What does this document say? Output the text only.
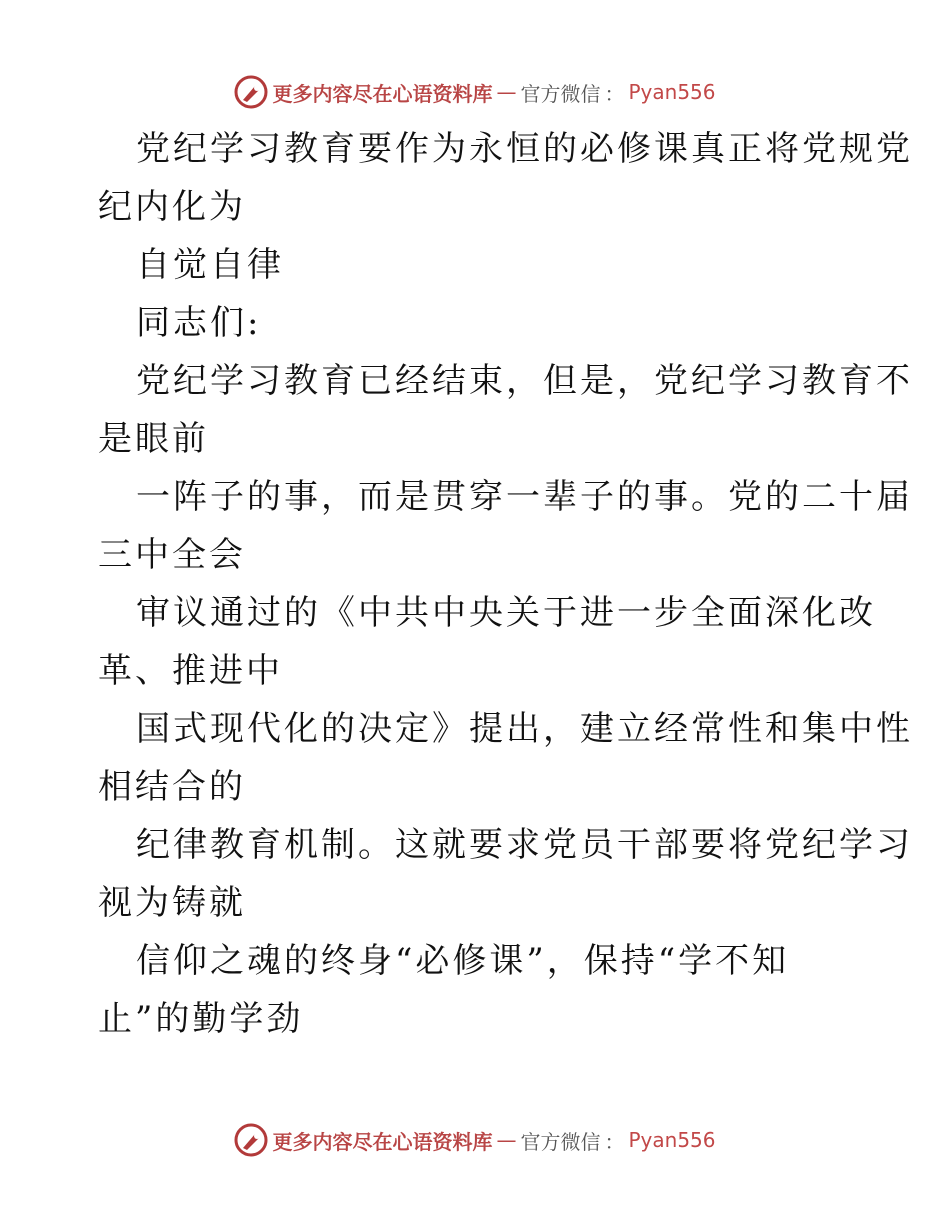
更多内容尽在心语资料库 — 官方微信 ： Pyan556
党纪学习教育要作为永恒的必修课真正将党规党
纪内化为
自觉自律
同志们:
党纪学习教育已经结束，但是，党纪学习教育不
是眼前
一阵子的事，而是贯穿一辈子的事。党的二十届
三中全会
审议通过的《中共中央关于进一步全面深化改
革、推进中
国式现代化的决定》提出，建立经常性和集中性
相结合的
纪律教育机制。这就要求党员干部要将党纪学习
视为铸就
信仰之魂的终身“必修课”，保持“学不知
止”的勤学劲
更多内容尽在心语资料库 — 官方微信 ： Pyan556
